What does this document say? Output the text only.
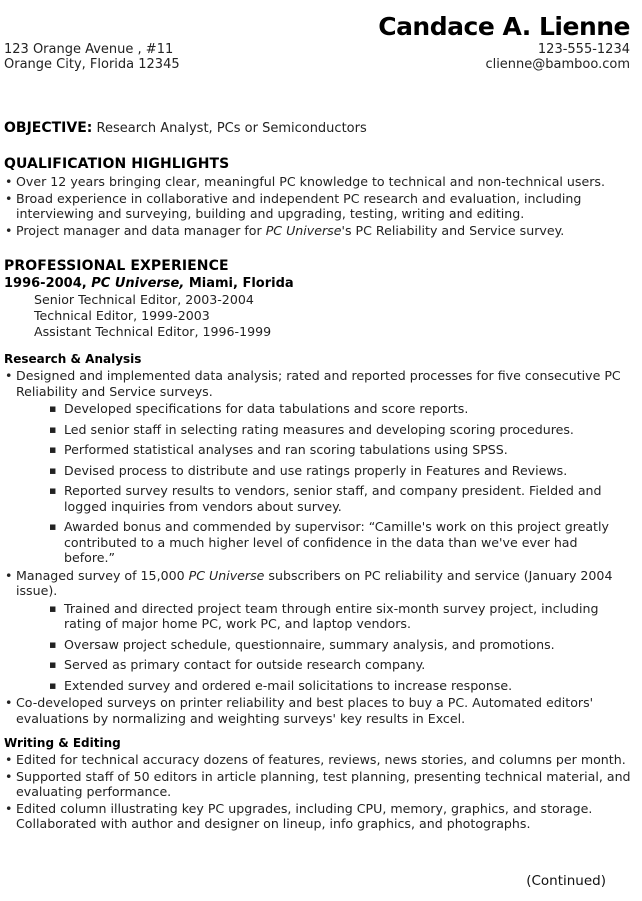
Candace A. Lienne
123 Orange Avenue , #11
Orange City, Florida 12345
123-555-1234
clienne@bamboo.com
OBJECTIVE: Research Analyst, PCs or Semiconductors
QUALIFICATION HIGHLIGHTS
• Over 12 years bringing clear, meaningful PC knowledge to technical and non-technical users.
• Broad experience in collaborative and independent PC research and evaluation, including interviewing and surveying, building and upgrading, testing, writing and editing.
• Project manager and data manager for PC Universe's PC Reliability and Service survey.
PROFESSIONAL EXPERIENCE
1996-2004, PC Universe, Miami, Florida
Senior Technical Editor, 2003-2004
Technical Editor, 1999-2003
Assistant Technical Editor, 1996-1999
Research & Analysis
• Designed and implemented data analysis; rated and reported processes for five consecutive PC Reliability and Service surveys.
▪ Developed specifications for data tabulations and score reports.
▪ Led senior staff in selecting rating measures and developing scoring procedures.
▪ Performed statistical analyses and ran scoring tabulations using SPSS.
▪ Devised process to distribute and use ratings properly in Features and Reviews.
▪ Reported survey results to vendors, senior staff, and company president. Fielded and logged inquiries from vendors about survey.
▪ Awarded bonus and commended by supervisor: “Camille's work on this project greatly contributed to a much higher level of confidence in the data than we've ever had before.”
• Managed survey of 15,000 PC Universe subscribers on PC reliability and service (January 2004 issue).
▪ Trained and directed project team through entire six-month survey project, including rating of major home PC, work PC, and laptop vendors.
▪ Oversaw project schedule, questionnaire, summary analysis, and promotions.
▪ Served as primary contact for outside research company.
▪ Extended survey and ordered e-mail solicitations to increase response.
• Co-developed surveys on printer reliability and best places to buy a PC. Automated editors' evaluations by normalizing and weighting surveys' key results in Excel.
Writing & Editing
• Edited for technical accuracy dozens of features, reviews, news stories, and columns per month.
• Supported staff of 50 editors in article planning, test planning, presenting technical material, and evaluating performance.
• Edited column illustrating key PC upgrades, including CPU, memory, graphics, and storage. Collaborated with author and designer on lineup, info graphics, and photographs.
(Continued)
